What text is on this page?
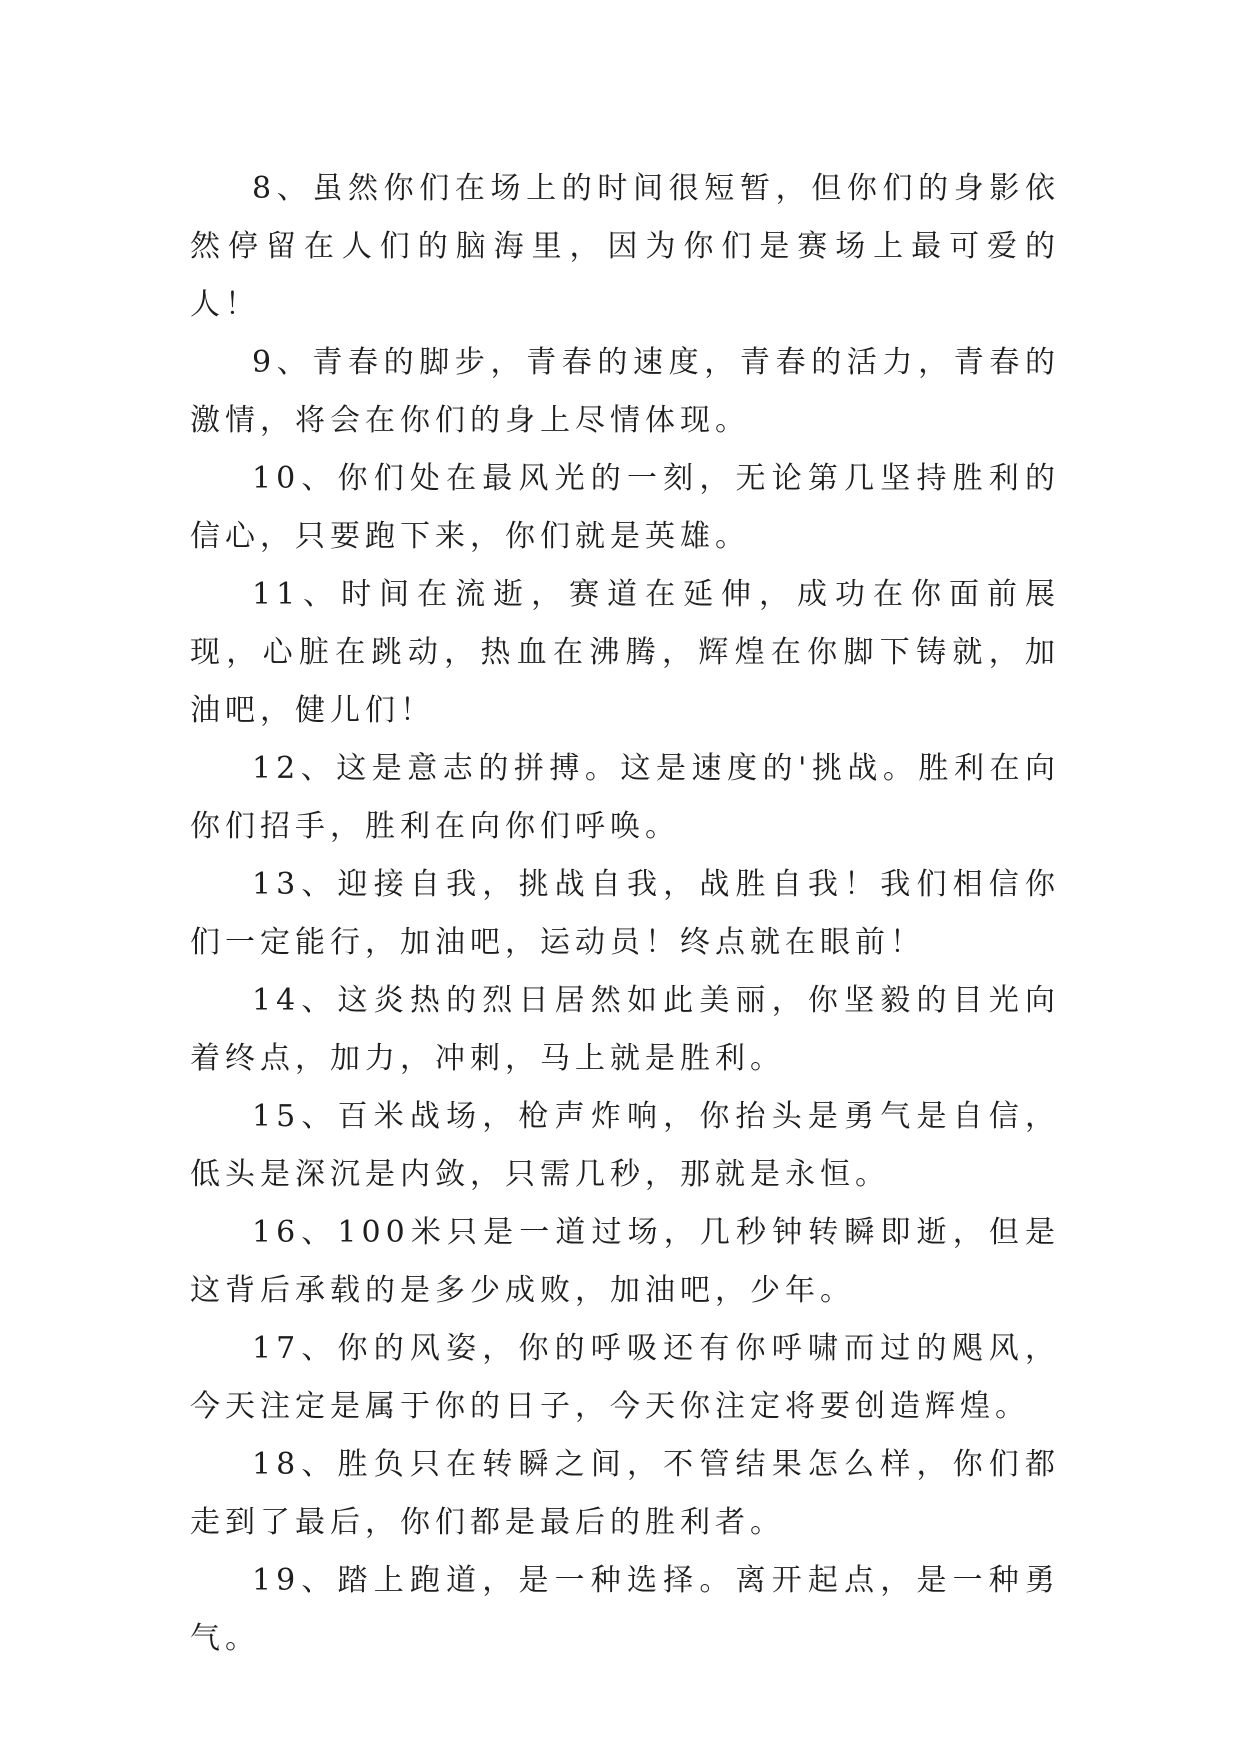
8、虽然你们在场上的时间很短暂，但你们的身影依然停留在人们的脑海里，因为你们是赛场上最可爱的人！

9、青春的脚步，青春的速度，青春的活力，青春的激情，将会在你们的身上尽情体现。

10、你们处在最风光的一刻，无论第几坚持胜利的信心，只要跑下来，你们就是英雄。

11、时间在流逝，赛道在延伸，成功在你面前展现，心脏在跳动，热血在沸腾，辉煌在你脚下铸就，加油吧，健儿们！

12、这是意志的拼搏。这是速度的'挑战。胜利在向你们招手，胜利在向你们呼唤。

13、迎接自我，挑战自我，战胜自我！我们相信你们一定能行，加油吧，运动员！终点就在眼前！

14、这炎热的烈日居然如此美丽，你坚毅的目光向着终点，加力，冲刺，马上就是胜利。

15、百米战场，枪声炸响，你抬头是勇气是自信，低头是深沉是内敛，只需几秒，那就是永恒。

16、100米只是一道过场，几秒钟转瞬即逝，但是这背后承载的是多少成败，加油吧，少年。

17、你的风姿，你的呼吸还有你呼啸而过的飓风，今天注定是属于你的日子，今天你注定将要创造辉煌。

18、胜负只在转瞬之间，不管结果怎么样，你们都走到了最后，你们都是最后的胜利者。

19、踏上跑道，是一种选择。离开起点，是一种勇气。
